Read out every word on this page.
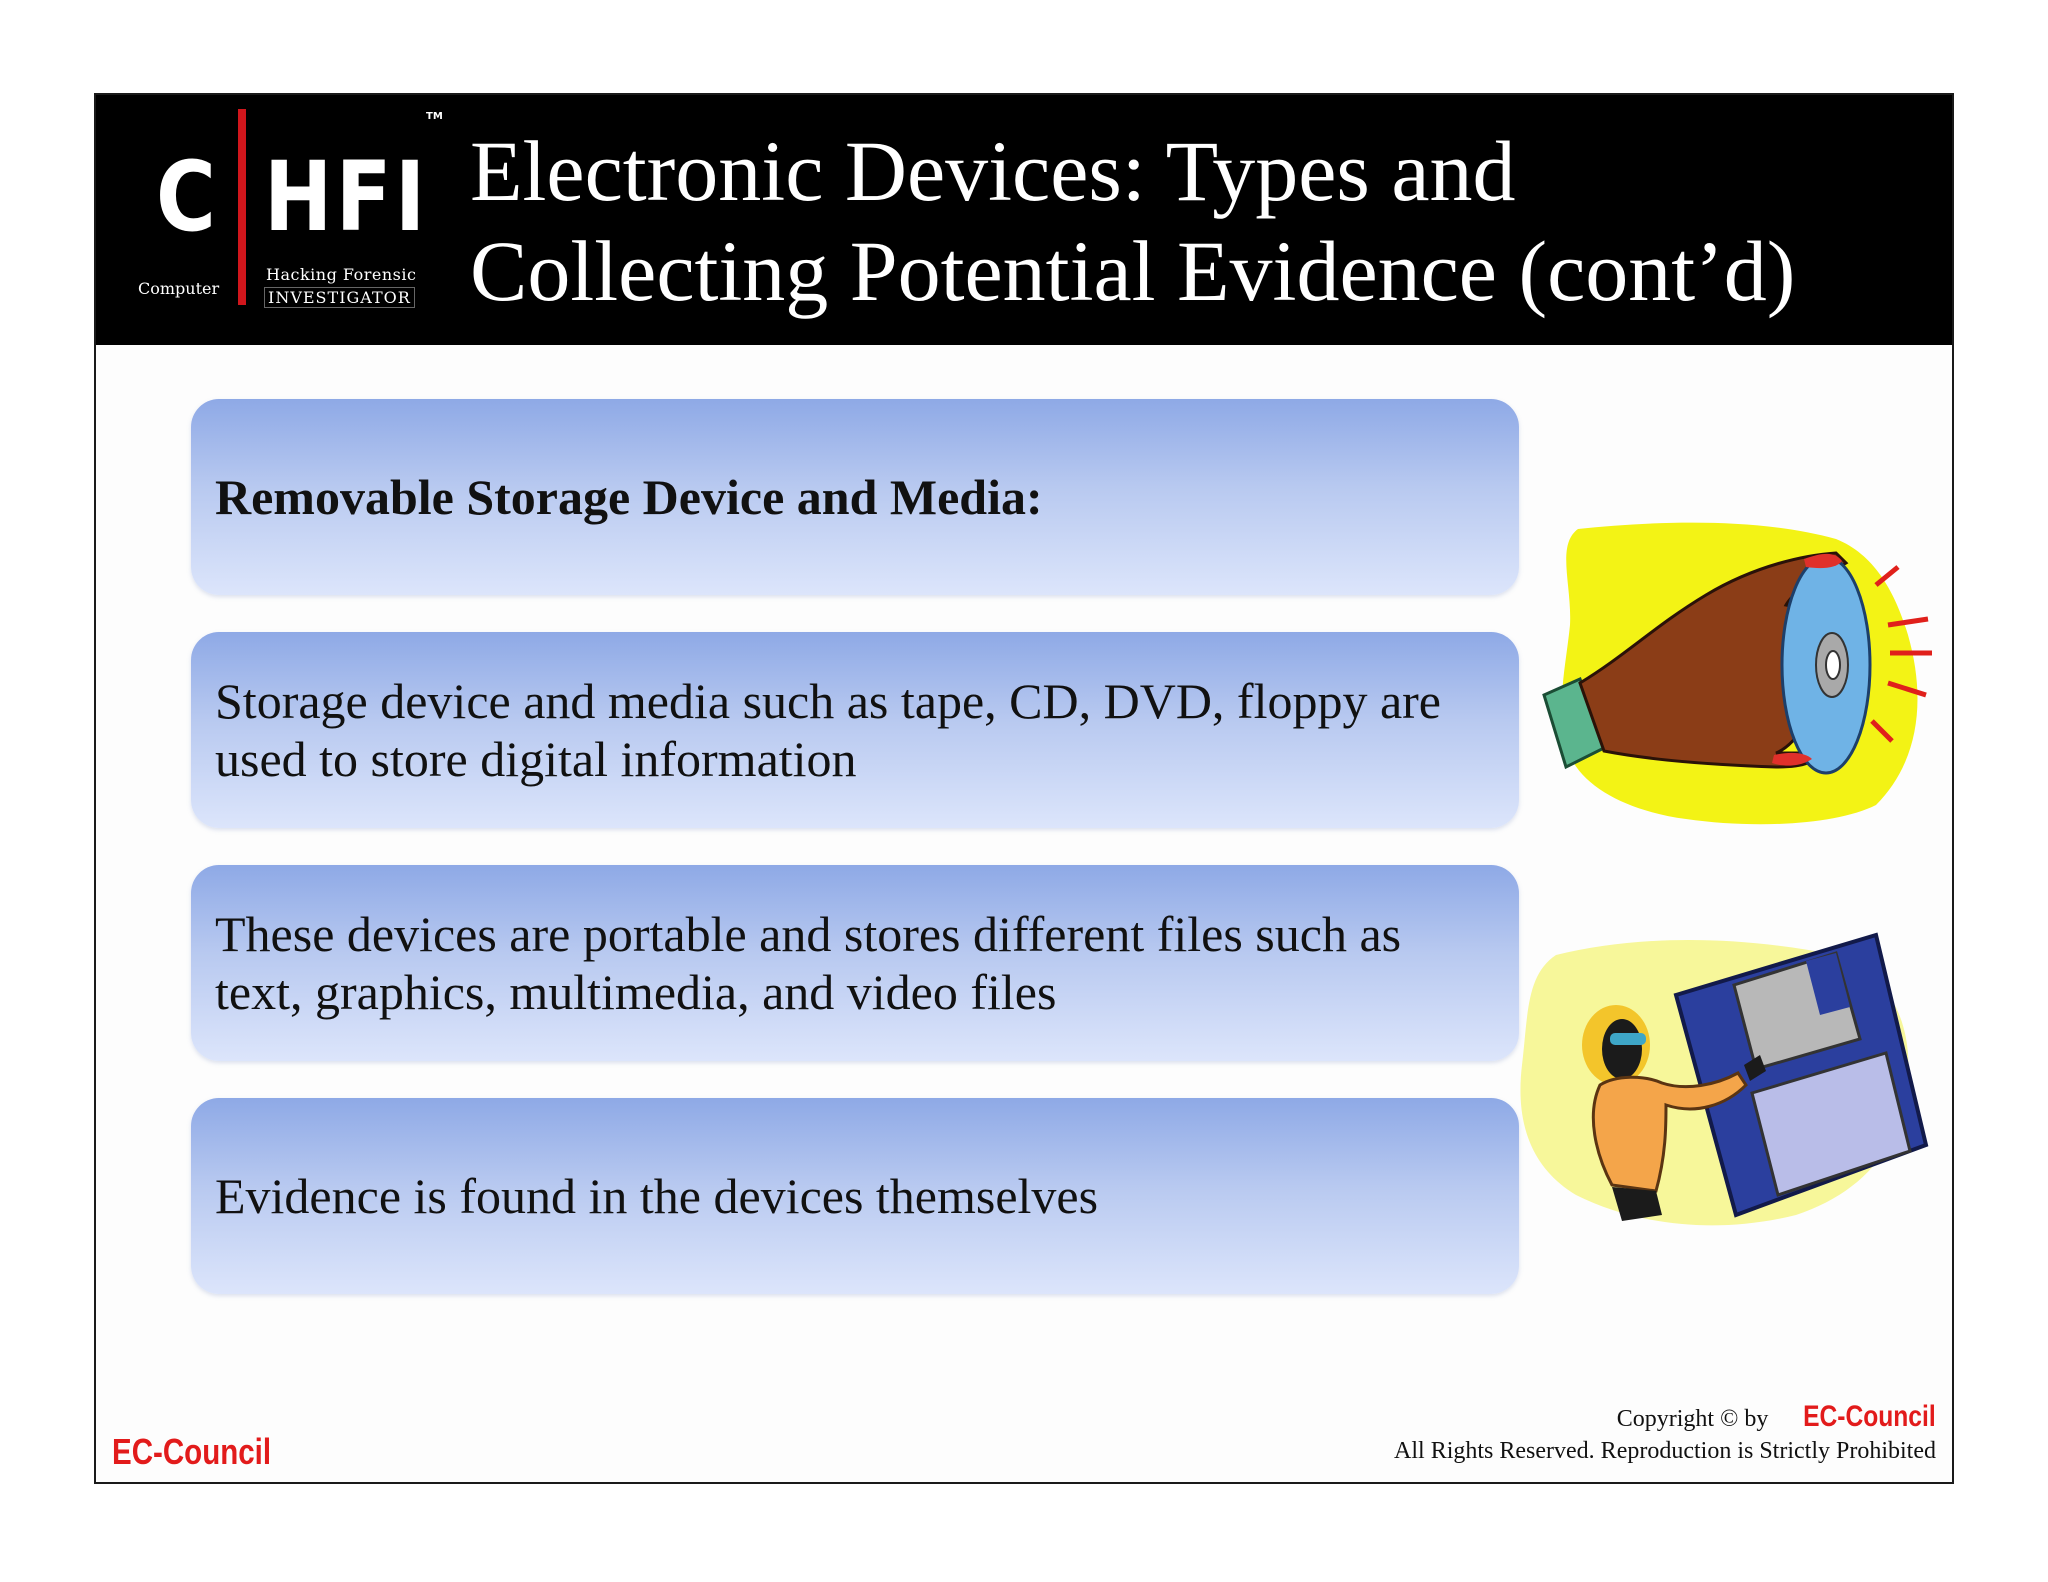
C HFI
TM
Computer
Hacking Forensic
INVESTIGATOR
Electronic Devices: Types and
Collecting Potential Evidence (cont’d)
Removable Storage Device and Media:
Storage device and media such as tape, CD, DVD, floppy are used to store digital information
These devices are portable and stores different files such as text, graphics, multimedia, and video files
Evidence is found in the devices themselves
EC-Council
Copyright © by EC-Council
All Rights Reserved. Reproduction is Strictly Prohibited
